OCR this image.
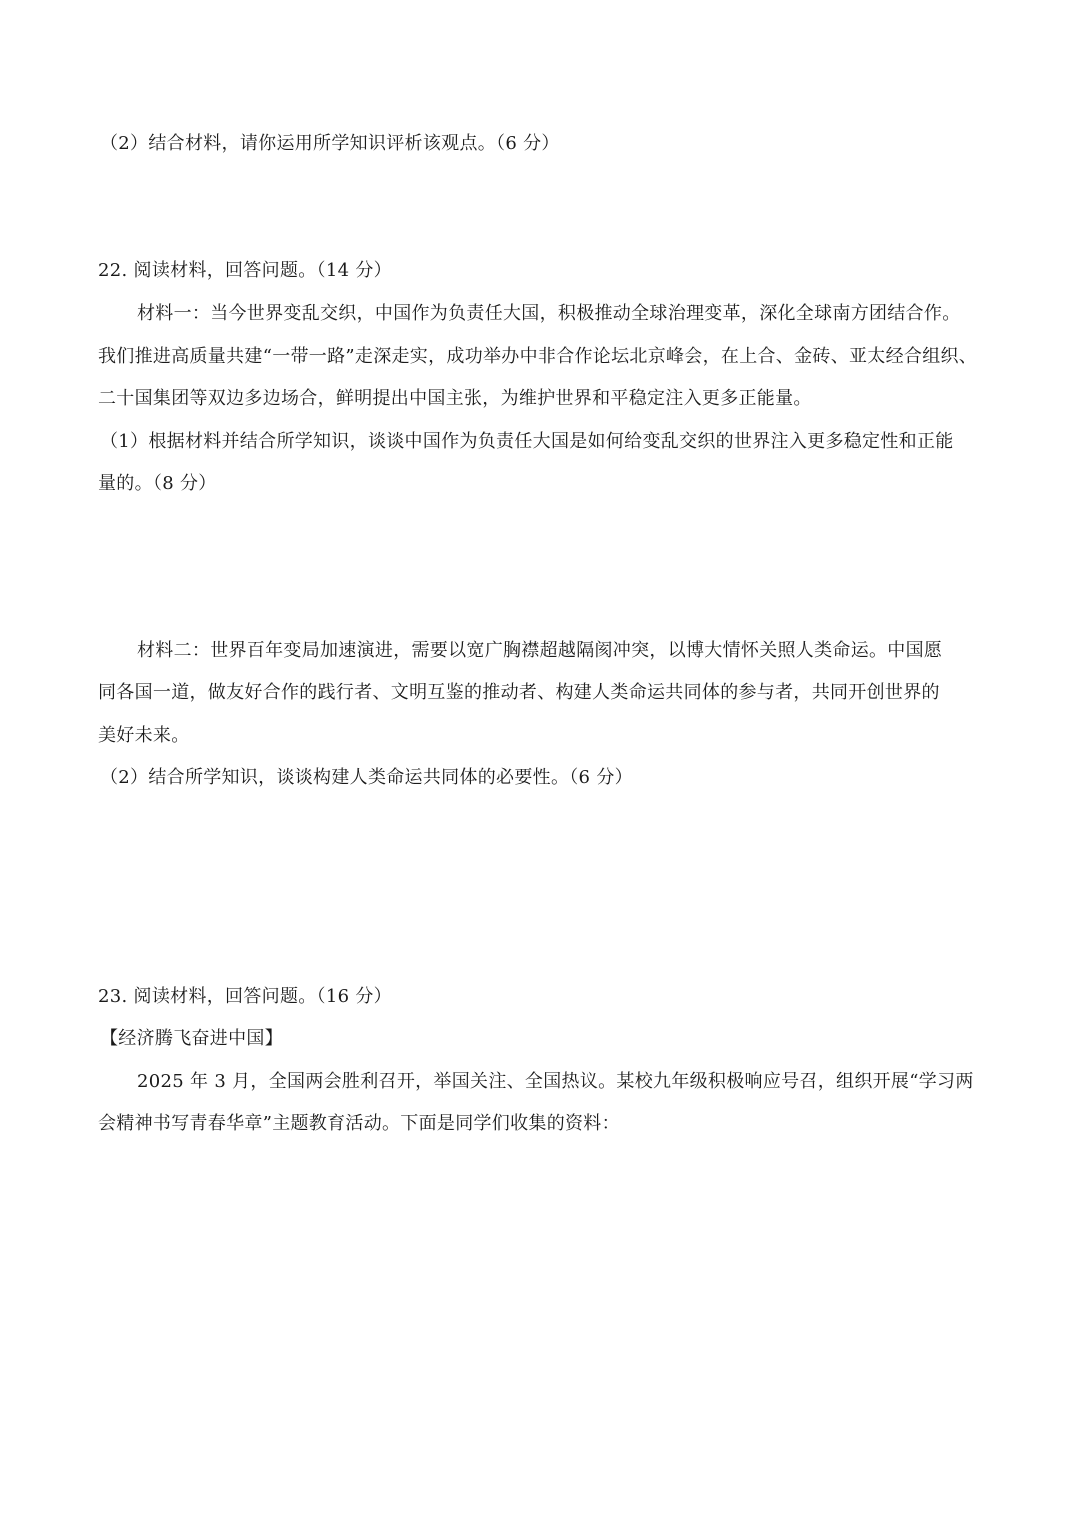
（2）结合材料，请你运用所学知识评析该观点。（6 分）
22. 阅读材料，回答问题。（14 分）
材料一：当今世界变乱交织，中国作为负责任大国，积极推动全球治理变革，深化全球南方团结合作。
我们推进高质量共建“一带一路”走深走实，成功举办中非合作论坛北京峰会，在上合、金砖、亚太经合组织、
二十国集团等双边多边场合，鲜明提出中国主张，为维护世界和平稳定注入更多正能量。
（1）根据材料并结合所学知识，谈谈中国作为负责任大国是如何给变乱交织的世界注入更多稳定性和正能
量的。（8 分）
材料二：世界百年变局加速演进，需要以宽广胸襟超越隔阂冲突，以博大情怀关照人类命运。中国愿
同各国一道，做友好合作的践行者、文明互鉴的推动者、构建人类命运共同体的参与者，共同开创世界的
美好未来。
（2）结合所学知识，谈谈构建人类命运共同体的必要性。（6 分）
23. 阅读材料，回答问题。（16 分）
【经济腾飞奋进中国】
2025 年 3 月，全国两会胜利召开，举国关注、全国热议。某校九年级积极响应号召，组织开展“学习两
会精神书写青春华章”主题教育活动。下面是同学们收集的资料：
